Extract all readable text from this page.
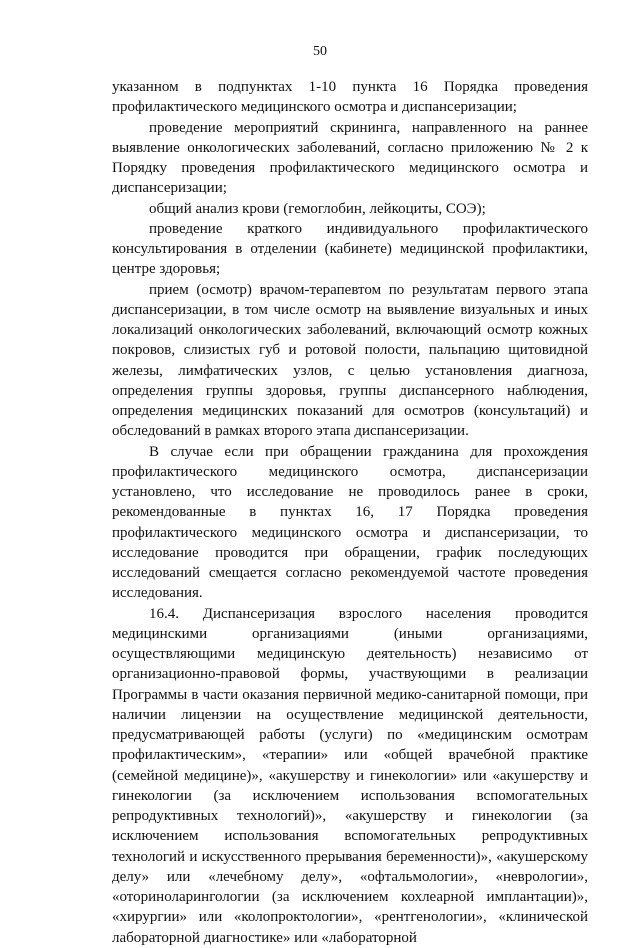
50

указанном в подпунктах 1-10 пункта 16 Порядка проведения профилактического медицинского осмотра и диспансеризации;

проведение мероприятий скрининга, направленного на раннее выявление онкологических заболеваний, согласно приложению № 2 к Порядку проведения профилактического медицинского осмотра и диспансеризации;

общий анализ крови (гемоглобин, лейкоциты, СОЭ);

проведение краткого индивидуального профилактического консультирования в отделении (кабинете) медицинской профилактики, центре здоровья;

прием (осмотр) врачом-терапевтом по результатам первого этапа диспансеризации, в том числе осмотр на выявление визуальных и иных локализаций онкологических заболеваний, включающий осмотр кожных покровов, слизистых губ и ротовой полости, пальпацию щитовидной железы, лимфатических узлов, с целью установления диагноза, определения группы здоровья, группы диспансерного наблюдения, определения медицинских показаний для осмотров (консультаций) и обследований в рамках второго этапа диспансеризации.

В случае если при обращении гражданина для прохождения профилактического медицинского осмотра, диспансеризации установлено, что исследование не проводилось ранее в сроки, рекомендованные в пунктах 16, 17 Порядка проведения профилактического медицинского осмотра и диспансеризации, то исследование проводится при обращении, график последующих исследований смещается согласно рекомендуемой частоте проведения исследования.

16.4. Диспансеризация взрослого населения проводится медицинскими организациями (иными организациями, осуществляющими медицинскую деятельность) независимо от организационно-правовой формы, участвующими в реализации Программы в части оказания первичной медико-санитарной помощи, при наличии лицензии на осуществление медицинской деятельности, предусматривающей работы (услуги) по «медицинским осмотрам профилактическим», «терапии» или «общей врачебной практике (семейной медицине)», «акушерству и гинекологии» или «акушерству и гинекологии (за исключением использования вспомогательных репродуктивных технологий)», «акушерству и гинекологии (за исключением использования вспомогательных репродуктивных технологий и искусственного прерывания беременности)», «акушерскому делу» или «лечебному делу», «офтальмологии», «неврологии», «оториноларингологии (за исключением кохлеарной имплантации)», «хирургии» или «колопроктологии», «рентгенологии», «клинической лабораторной диагностике» или «лабораторной
